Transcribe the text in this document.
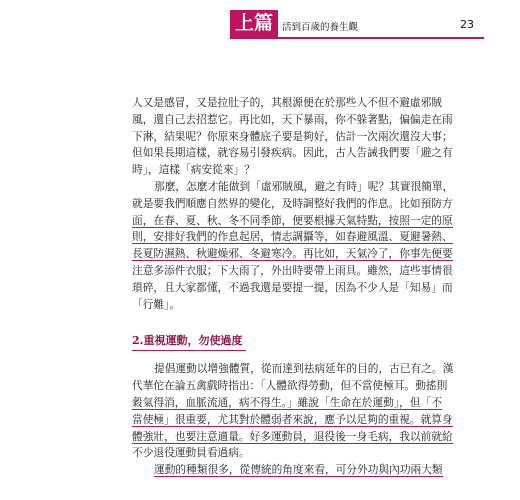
上篇 活到百歲的養生觀	23
人又是感冒，又是拉肚子的，其根源便在於那些人不但不避虛邪賊
風，還自己去招惹它。再比如，天下暴雨，你不躲著點，偏偏走在雨
下淋，結果呢？你原來身體底子要是夠好，估計一次兩次還沒大事；
但如果長期這樣，就容易引發疾病。因此，古人告誡我們要「避之有
時」，這樣「病安從來」？
那麼，怎麼才能做到「虛邪賊風，避之有時」呢？其實很簡單，
就是要我們順應自然界的變化，及時調整好我們的作息。比如預防方
面，在春、夏、秋、冬不同季節，便要根據天氣特點，按照一定的原
則，安排好我們的作息起居，情志調攝等，如春避風溫、夏避暑熱、
長夏防濕熱、秋避燥邪、冬避寒冷。再比如，天氣冷了，你事先便要
注意多添件衣服；下大雨了，外出時要帶上雨具。雖然，這些事情很
瑣碎，且大家都懂，不過我還是要提一提，因為不少人是「知易」而
「行難」。
2.重視運動，勿使過度
提倡運動以增強體質，從而達到祛病延年的目的，古已有之。漢
代華佗在論五禽戲時指出：「人體欲得勞動，但不當使極耳。動搖則
穀氣得消，血脈流通，病不得生。」雖說「生命在於運動」，但「不
當使極」很重要，尤其對於體弱者來說，應予以足夠的重視。就算身
體強壯，也要注意適量。好多運動員，退役後一身毛病，我以前就給
不少退役運動員看過病。
運動的種類很多，從傳統的角度來看，可分外功與內功兩大類
